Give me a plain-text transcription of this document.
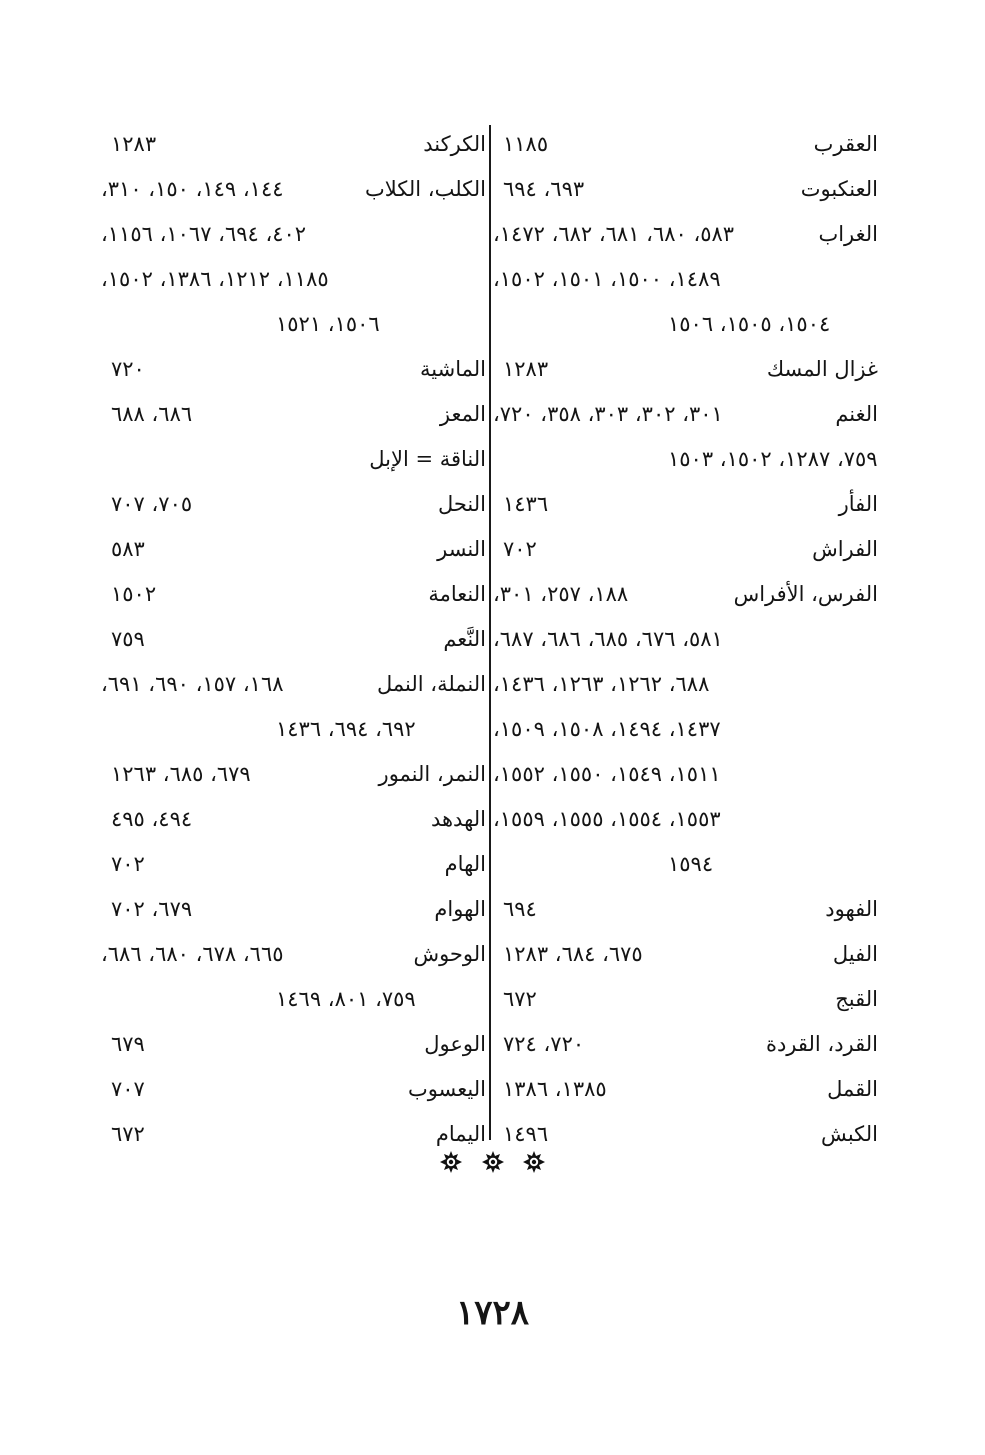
العقرب
١١٨٥
العنكبوت
٦٩٣، ٦٩٤
الغراب
٥٨٣، ٦٨٠، ٦٨١، ٦٨٢، ١٤٧٢،
١٤٨٩، ١٥٠٠، ١٥٠١، ١٥٠٢،
١٥٠٤، ١٥٠٥، ١٥٠٦
غزال المسك
١٢٨٣
الغنم
٣٠١، ٣٠٢، ٣٠٣، ٣٥٨، ٧٢٠،
٧٥٩، ١٢٨٧، ١٥٠٢، ١٥٠٣
الفأر
١٤٣٦
الفراش
٧٠٢
الفرس، الأفراس
١٨٨، ٢٥٧، ٣٠١،
٥٨١، ٦٧٦، ٦٨٥، ٦٨٦، ٦٨٧،
٦٨٨، ١٢٦٢، ١٢٦٣، ١٤٣٦،
١٤٣٧، ١٤٩٤، ١٥٠٨، ١٥٠٩،
١٥١١، ١٥٤٩، ١٥٥٠، ١٥٥٢،
١٥٥٣، ١٥٥٤، ١٥٥٥، ١٥٥٩،
١٥٩٤
الفهود
٦٩٤
الفيل
٦٧٥، ٦٨٤، ١٢٨٣
القبج
٦٧٢
القرد، القردة
٧٢٠، ٧٢٤
القمل
١٣٨٥، ١٣٨٦
الكبش
١٤٩٦
الكركند
١٢٨٣
الكلب، الكلاب
١٤٤، ١٤٩، ١٥٠، ٣١٠،
٤٠٢، ٦٩٤، ١٠٦٧، ١١٥٦،
١١٨٥، ١٢١٢، ١٣٨٦، ١٥٠٢،
١٥٠٦، ١٥٢١
الماشية
٧٢٠
المعز
٦٨٦، ٦٨٨
الناقة = الإبل
النحل
٧٠٥، ٧٠٧
النسر
٥٨٣
النعامة
١٥٠٢
النَّعم
٧٥٩
النملة، النمل
١٦٨، ١٥٧، ٦٩٠، ٦٩١،
٦٩٢، ٦٩٤، ١٤٣٦
النمر، النمور
٦٧٩، ٦٨٥، ١٢٦٣
الهدهد
٤٩٤، ٤٩٥
الهام
٧٠٢
الهوام
٦٧٩، ٧٠٢
الوحوش
٦٦٥، ٦٧٨، ٦٨٠، ٦٨٦،
٧٥٩، ٨٠١، ١٤٦٩
الوعول
٦٧٩
اليعسوب
٧٠٧
اليمام
٦٧٢

١٧٢٨
